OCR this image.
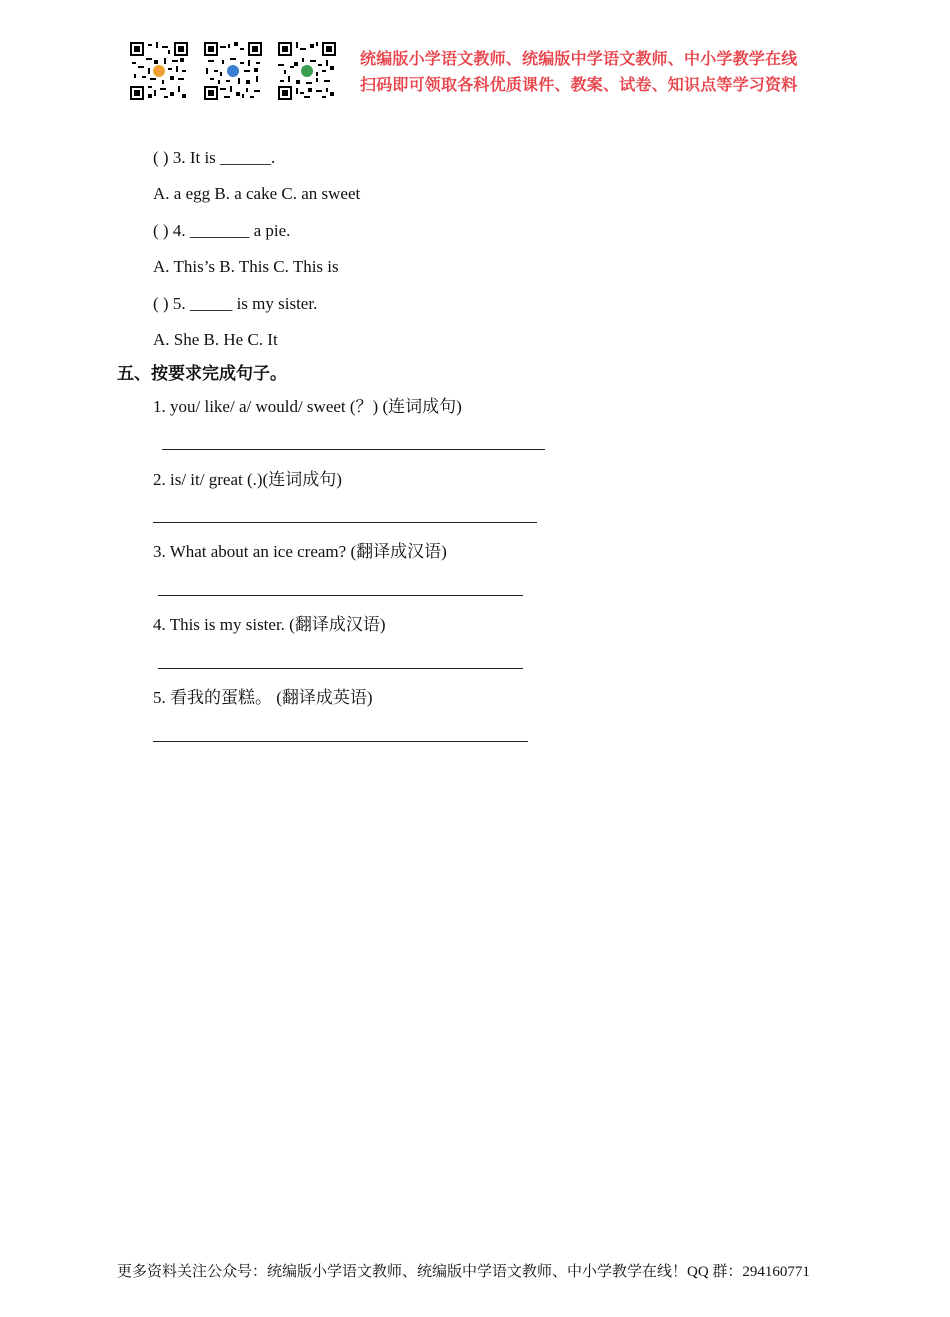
统编版小学语文教师、统编版中学语文教师、中小学教学在线
扫码即可领取各科优质课件、教案、试卷、知识点等学习资料
( ) 3. It is ______.
A. a egg B. a cake C. an sweet
( ) 4. _______ a pie.
A. This’s B. This C. This is
( ) 5. _____ is my sister.
A. She B. He C. It
五、按要求完成句子。
1. you/ like/ a/ would/ sweet (？) (连词成句)
2. is/ it/ great (.)(连词成句)
3. What about an ice cream? (翻译成汉语)
4. This is my sister. (翻译成汉语)
5. 看我的蛋糕。 (翻译成英语)
更多资料关注公众号：统编版小学语文教师、统编版中学语文教师、中小学教学在线！QQ 群：294160771
